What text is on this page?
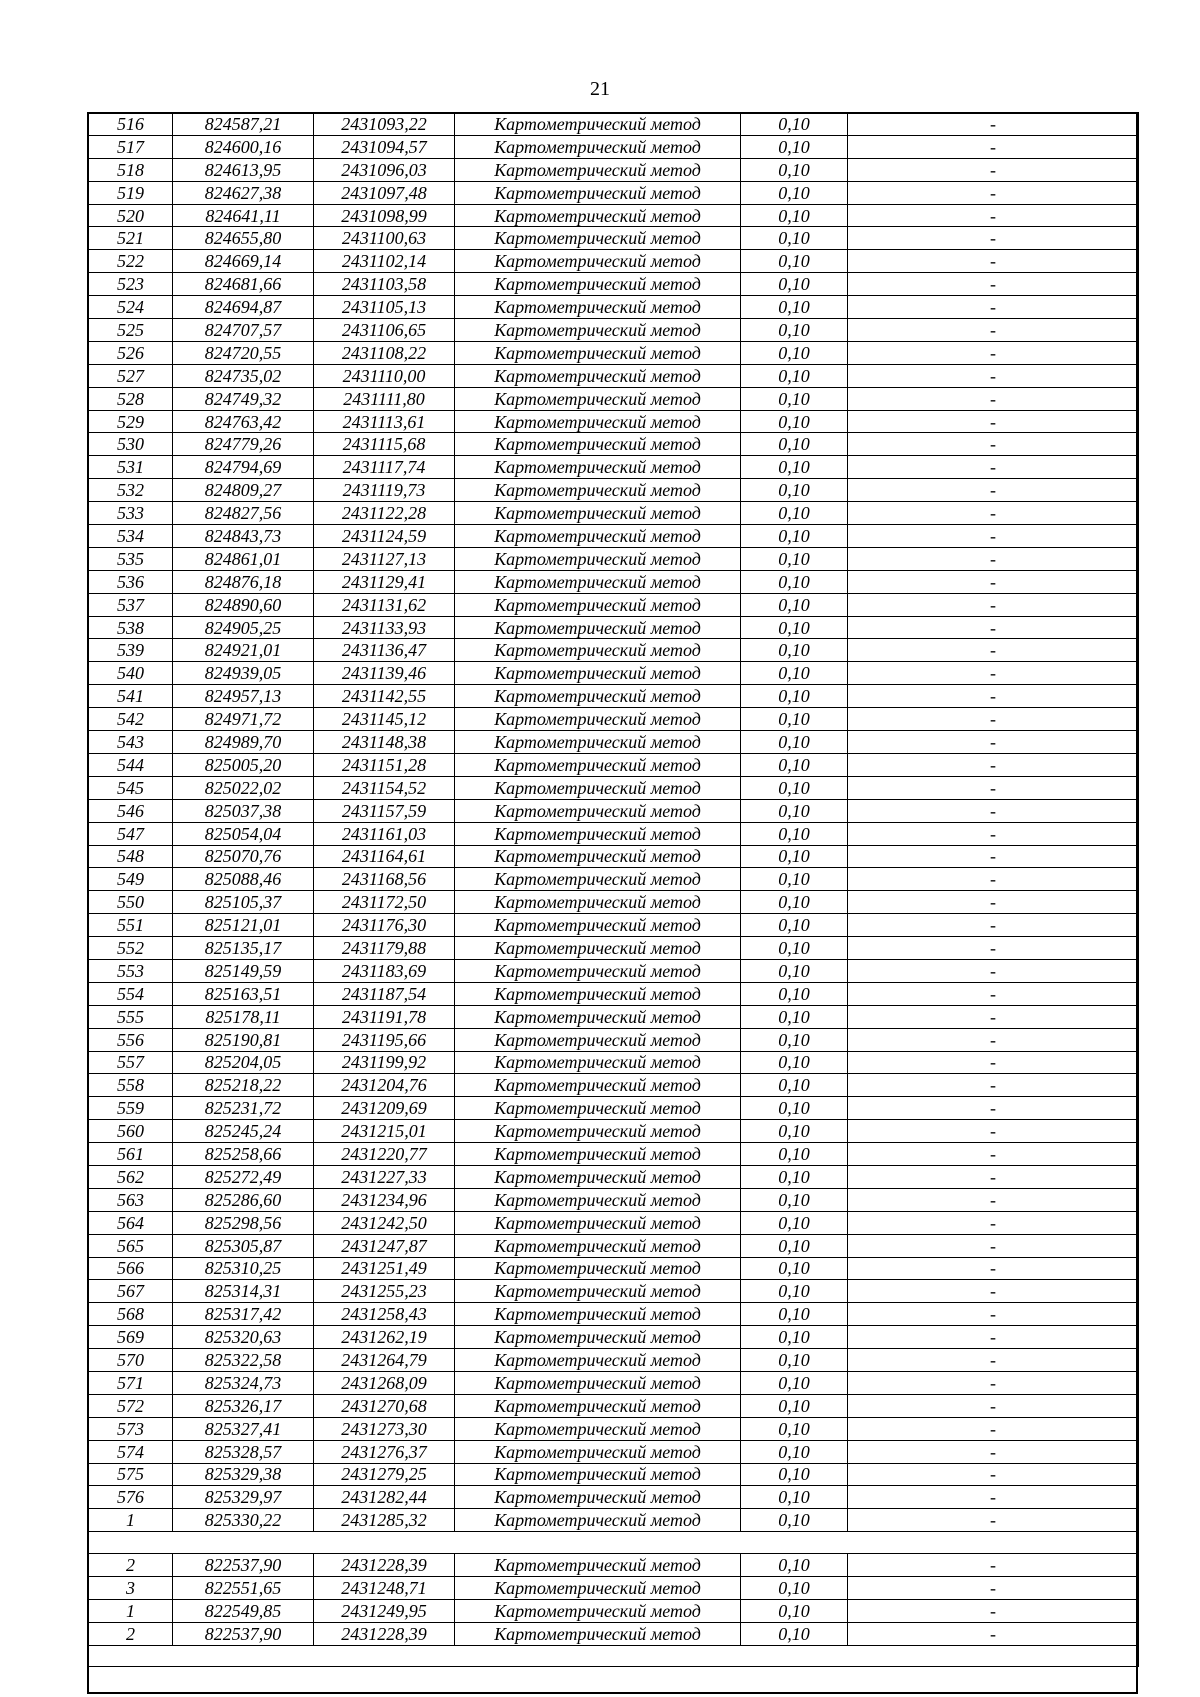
21
516	824587,21	2431093,22	Картометрический метод	0,10	-
517	824600,16	2431094,57	Картометрический метод	0,10	-
518	824613,95	2431096,03	Картометрический метод	0,10	-
519	824627,38	2431097,48	Картометрический метод	0,10	-
520	824641,11	2431098,99	Картометрический метод	0,10	-
521	824655,80	2431100,63	Картометрический метод	0,10	-
522	824669,14	2431102,14	Картометрический метод	0,10	-
523	824681,66	2431103,58	Картометрический метод	0,10	-
524	824694,87	2431105,13	Картометрический метод	0,10	-
525	824707,57	2431106,65	Картометрический метод	0,10	-
526	824720,55	2431108,22	Картометрический метод	0,10	-
527	824735,02	2431110,00	Картометрический метод	0,10	-
528	824749,32	2431111,80	Картометрический метод	0,10	-
529	824763,42	2431113,61	Картометрический метод	0,10	-
530	824779,26	2431115,68	Картометрический метод	0,10	-
531	824794,69	2431117,74	Картометрический метод	0,10	-
532	824809,27	2431119,73	Картометрический метод	0,10	-
533	824827,56	2431122,28	Картометрический метод	0,10	-
534	824843,73	2431124,59	Картометрический метод	0,10	-
535	824861,01	2431127,13	Картометрический метод	0,10	-
536	824876,18	2431129,41	Картометрический метод	0,10	-
537	824890,60	2431131,62	Картометрический метод	0,10	-
538	824905,25	2431133,93	Картометрический метод	0,10	-
539	824921,01	2431136,47	Картометрический метод	0,10	-
540	824939,05	2431139,46	Картометрический метод	0,10	-
541	824957,13	2431142,55	Картометрический метод	0,10	-
542	824971,72	2431145,12	Картометрический метод	0,10	-
543	824989,70	2431148,38	Картометрический метод	0,10	-
544	825005,20	2431151,28	Картометрический метод	0,10	-
545	825022,02	2431154,52	Картометрический метод	0,10	-
546	825037,38	2431157,59	Картометрический метод	0,10	-
547	825054,04	2431161,03	Картометрический метод	0,10	-
548	825070,76	2431164,61	Картометрический метод	0,10	-
549	825088,46	2431168,56	Картометрический метод	0,10	-
550	825105,37	2431172,50	Картометрический метод	0,10	-
551	825121,01	2431176,30	Картометрический метод	0,10	-
552	825135,17	2431179,88	Картометрический метод	0,10	-
553	825149,59	2431183,69	Картометрический метод	0,10	-
554	825163,51	2431187,54	Картометрический метод	0,10	-
555	825178,11	2431191,78	Картометрический метод	0,10	-
556	825190,81	2431195,66	Картометрический метод	0,10	-
557	825204,05	2431199,92	Картометрический метод	0,10	-
558	825218,22	2431204,76	Картометрический метод	0,10	-
559	825231,72	2431209,69	Картометрический метод	0,10	-
560	825245,24	2431215,01	Картометрический метод	0,10	-
561	825258,66	2431220,77	Картометрический метод	0,10	-
562	825272,49	2431227,33	Картометрический метод	0,10	-
563	825286,60	2431234,96	Картометрический метод	0,10	-
564	825298,56	2431242,50	Картометрический метод	0,10	-
565	825305,87	2431247,87	Картометрический метод	0,10	-
566	825310,25	2431251,49	Картометрический метод	0,10	-
567	825314,31	2431255,23	Картометрический метод	0,10	-
568	825317,42	2431258,43	Картометрический метод	0,10	-
569	825320,63	2431262,19	Картометрический метод	0,10	-
570	825322,58	2431264,79	Картометрический метод	0,10	-
571	825324,73	2431268,09	Картометрический метод	0,10	-
572	825326,17	2431270,68	Картометрический метод	0,10	-
573	825327,41	2431273,30	Картометрический метод	0,10	-
574	825328,57	2431276,37	Картометрический метод	0,10	-
575	825329,38	2431279,25	Картометрический метод	0,10	-
576	825329,97	2431282,44	Картометрический метод	0,10	-
1	825330,22	2431285,32	Картометрический метод	0,10	-

2	822537,90	2431228,39	Картометрический метод	0,10	-
3	822551,65	2431248,71	Картометрический метод	0,10	-
1	822549,85	2431249,95	Картометрический метод	0,10	-
2	822537,90	2431228,39	Картометрический метод	0,10	-
